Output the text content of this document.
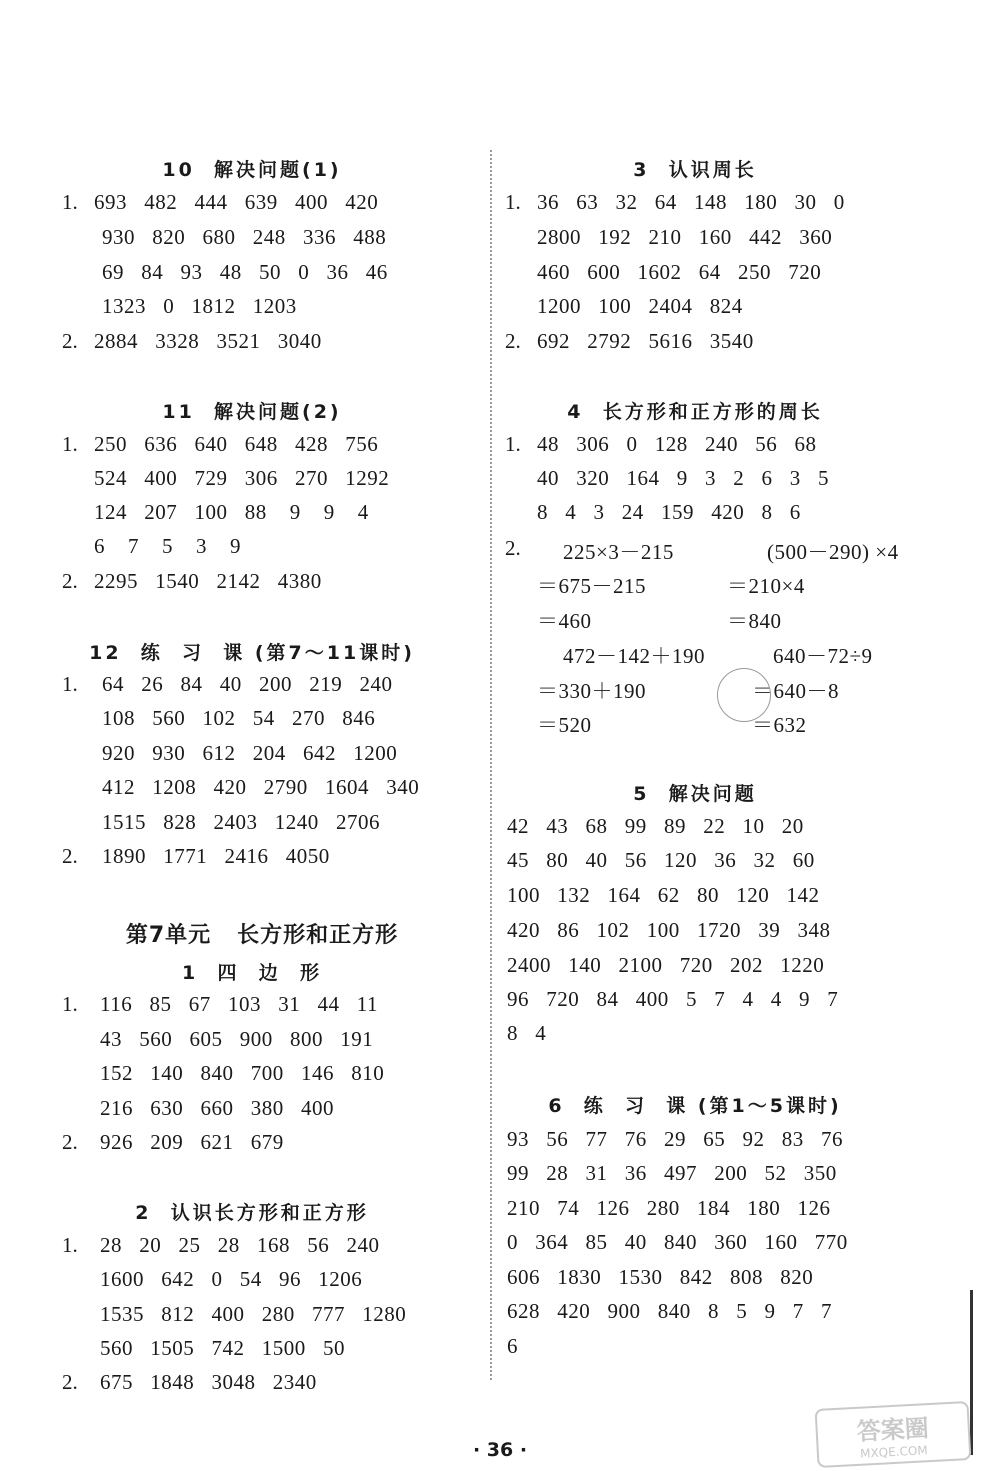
10  解决问题(1)
1. 693   482   444   639   400   420
930   820   680   248   336   488
69   84   93   48   50   0   36   46
1323   0   1812   1203
2. 2884   3328   3521   3040
11  解决问题(2)
1. 250   636   640   648   428   756
524   400   729   306   270   1292
124   207   100   88    9    9    4
6    7    5    3    9
2. 2295   1540   2142   4380
12  练  习  课 (第7～11课时)
1. 64   26   84   40   200   219   240
108   560   102   54   270   846
920   930   612   204   642   1200
412   1208   420   2790   1604   340
1515   828   2403   1240   2706
2. 1890   1771   2416   4050
第7单元   长方形和正方形
1  四  边  形
1. 116   85   67   103   31   44   11
43   560   605   900   800   191
152   140   840   700   146   810
216   630   660   380   400
2. 926   209   621   679
2  认识长方形和正方形
1. 28   20   25   28   168   56   240
1600   642   0   54   96   1206
1535   812   400   280   777   1280
560   1505   742   1500   50
2. 675   1848   3048   2340
3  认识周长
1. 36   63   32   64   148   180   30   0
2800   192   210   160   442   360
460   600   1602   64   250   720
1200   100   2404   824
2. 692   2792   5616   3540
4  长方形和正方形的周长
1. 48   306   0   128   240   56   68
40   320   164   9   3   2   6   3   5
8   4   3   24   159   420   8   6
2. 225×3－215	(500－290) ×4
＝675－215	＝210×4
＝460	＝840
472－142＋190	640－72÷9
＝330＋190	＝640－8
＝520	＝632
5  解决问题
42   43   68   99   89   22   10   20
45   80   40   56   120   36   32   60
100   132   164   62   80   120   142
420   86   102   100   1720   39   348
2400   140   2100   720   202   1220
96   720   84   400   5   7   4   4   9   7
8   4
6  练  习  课 (第1～5课时)
93   56   77   76   29   65   92   83   76
99   28   31   36   497   200   52   350
210   74   126   280   184   180   126
0   364   85   40   840   360   160   770
606   1830   1530   842   808   820
628   420   900   840   8   5   9   7   7
6
· 36 ·
答案圈
MXQE.COM
